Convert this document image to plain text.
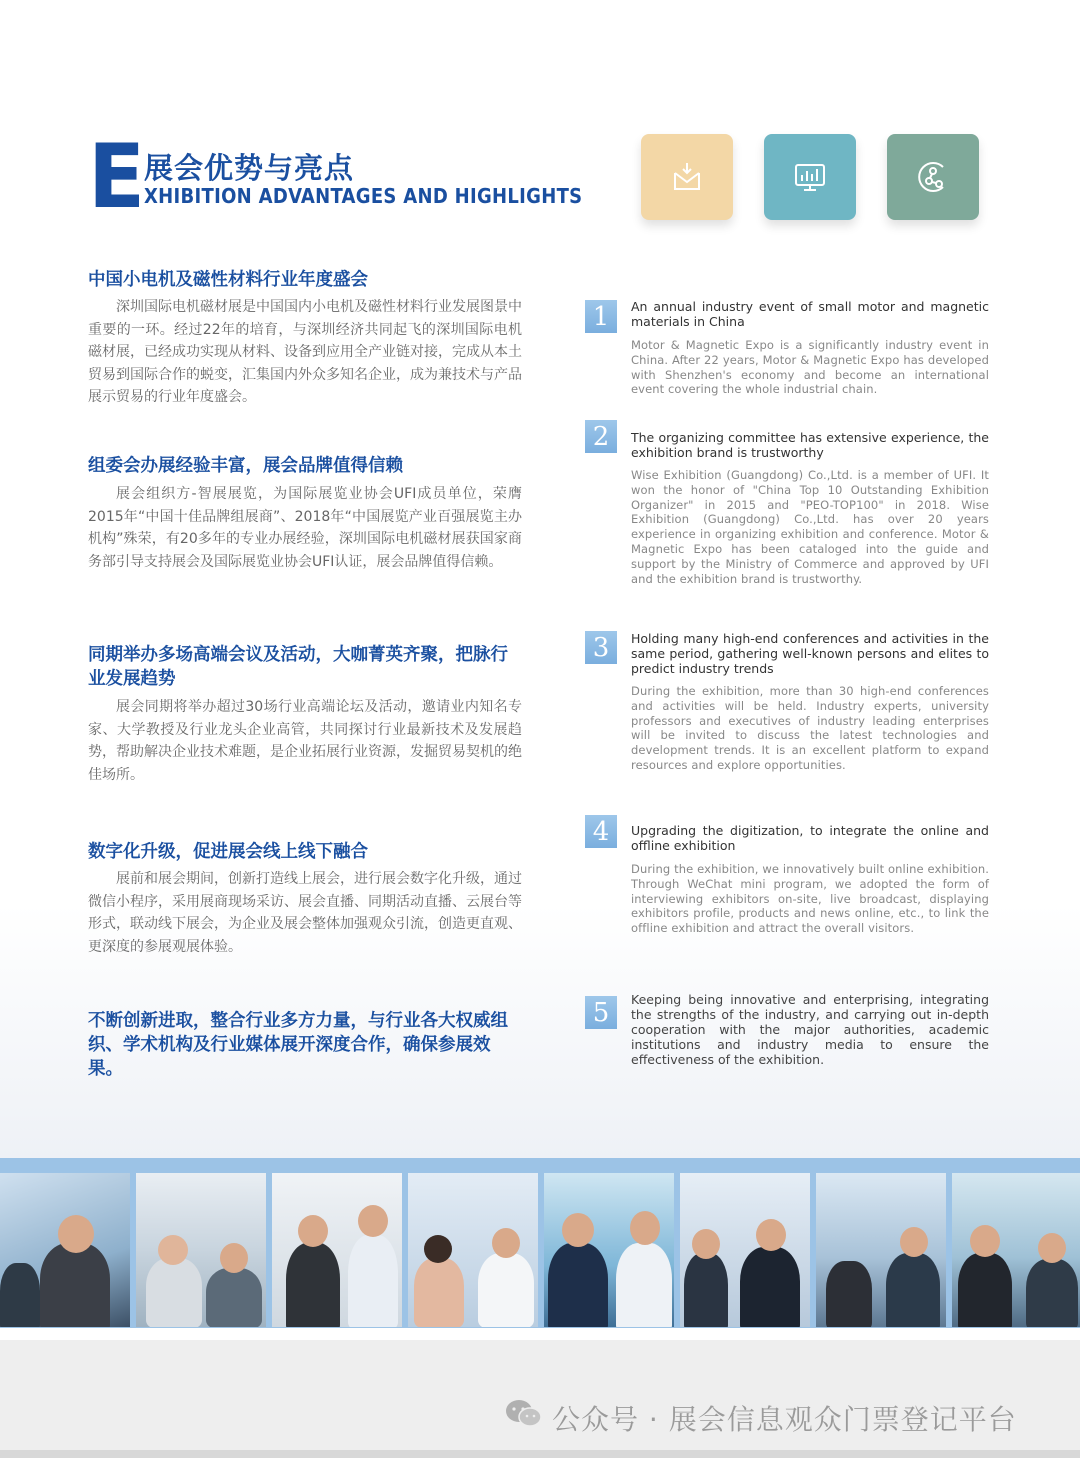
E
展会优势与亮点
XHIBITION ADVANTAGES AND HIGHLIGHTS
中国小电机及磁性材料行业年度盛会
深圳国际电机磁材展是中国国内小电机及磁性材料行业发展图景中重要的一环。经过22年的培育，与深圳经济共同起飞的深圳国际电机磁材展，已经成功实现从材料、设备到应用全产业链对接，完成从本土贸易到国际合作的蜕变，汇集国内外众多知名企业，成为兼技术与产品展示贸易的行业年度盛会。
1	An annual industry event of small motor and magnetic materials in China
Motor & Magnetic Expo is a significantly industry event in China. After 22 years, Motor & Magnetic Expo has developed with Shenzhen's economy and become an international event covering the whole industrial chain.
组委会办展经验丰富，展会品牌值得信赖
展会组织方-智展展览，为国际展览业协会UFI成员单位，荣膺2015年“中国十佳品牌组展商”、2018年“中国展览产业百强展览主办机构”殊荣，有20多年的专业办展经验，深圳国际电机磁材展获国家商务部引导支持展会及国际展览业协会UFI认证，展会品牌值得信赖。
2	The organizing committee has extensive experience, the exhibition brand is trustworthy
Wise Exhibition (Guangdong) Co.,Ltd. is a member of UFI. It won the honor of "China Top 10 Outstanding Exhibition Organizer" in 2015 and "PEO-TOP100" in 2018. Wise Exhibition (Guangdong) Co.,Ltd. has over 20 years experience in organizing exhibition and conference. Motor & Magnetic Expo has been cataloged into the guide and support by the Ministry of Commerce and approved by UFI and the exhibition brand is trustworthy.
同期举办多场高端会议及活动，大咖菁英齐聚，把脉行业发展趋势
展会同期将举办超过30场行业高端论坛及活动，邀请业内知名专家、大学教授及行业龙头企业高管，共同探讨行业最新技术及发展趋势，帮助解决企业技术难题，是企业拓展行业资源，发掘贸易契机的绝佳场所。
3	Holding many high-end conferences and activities in the same period, gathering well-known persons and elites to predict industry trends
During the exhibition, more than 30 high-end conferences and activities will be held. Industry experts, university professors and executives of industry leading enterprises will be invited to discuss the latest technologies and development trends. It is an excellent platform to expand resources and explore opportunities.
数字化升级，促进展会线上线下融合
展前和展会期间，创新打造线上展会，进行展会数字化升级，通过微信小程序，采用展商现场采访、展会直播、同期活动直播、云展台等形式，联动线下展会，为企业及展会整体加强观众引流，创造更直观、更深度的参展观展体验。
4	Upgrading the digitization, to integrate the online and offline exhibition
During the exhibition, we innovatively built online exhibition. Through WeChat mini program, we adopted the form of interviewing exhibitors on-site, live broadcast, displaying exhibitors profile, products and news online, etc., to link the offline exhibition and attract the overall visitors.
不断创新进取，整合行业多方力量，与行业各大权威组织、学术机构及行业媒体展开深度合作，确保参展效果。
5	Keeping being innovative and enterprising, integrating the strengths of the industry, and carrying out in-depth cooperation with the major authorities, academic institutions and industry media to ensure the effectiveness of the exhibition.
公众号 · 展会信息观众门票登记平台
